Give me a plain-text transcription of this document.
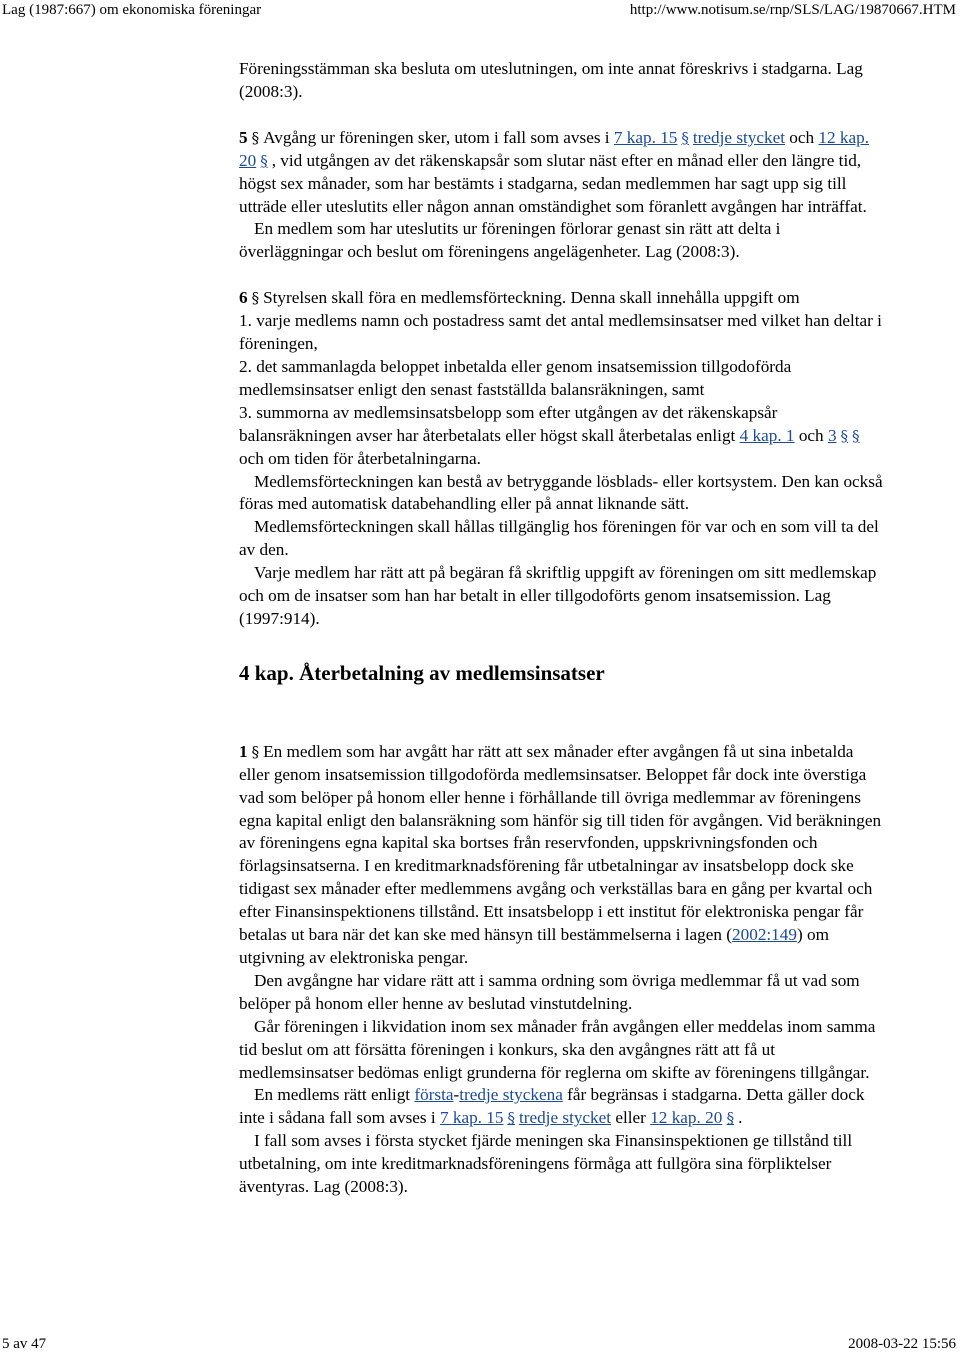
Lag (1987:667) om ekonomiska föreningar	http://www.notisum.se/rnp/SLS/LAG/19870667.HTM

Föreningsstämman ska besluta om uteslutningen, om inte annat föreskrivs i stadgarna. Lag (2008:3).

5 § Avgång ur föreningen sker, utom i fall som avses i 7 kap. 15 § tredje stycket och 12 kap. 20 § , vid utgången av det räkenskapsår som slutar näst efter en månad eller den längre tid, högst sex månader, som har bestämts i stadgarna, sedan medlemmen har sagt upp sig till utträde eller uteslutits eller någon annan omständighet som föranlett avgången har inträffat.

En medlem som har uteslutits ur föreningen förlorar genast sin rätt att delta i överläggningar och beslut om föreningens angelägenheter. Lag (2008:3).

6 § Styrelsen skall föra en medlemsförteckning. Denna skall innehålla uppgift om

1. varje medlems namn och postadress samt det antal medlemsinsatser med vilket han deltar i föreningen,

2. det sammanlagda beloppet inbetalda eller genom insatsemission tillgodoförda medlemsinsatser enligt den senast fastställda balansräkningen, samt

3. summorna av medlemsinsatsbelopp som efter utgången av det räkenskapsår balansräkningen avser har återbetalats eller högst skall återbetalas enligt 4 kap. 1 och 3 § § och om tiden för återbetalningarna.

Medlemsförteckningen kan bestå av betryggande lösblads- eller kortsystem. Den kan också föras med automatisk databehandling eller på annat liknande sätt.

Medlemsförteckningen skall hållas tillgänglig hos föreningen för var och en som vill ta del av den.

Varje medlem har rätt att på begäran få skriftlig uppgift av föreningen om sitt medlemskap och om de insatser som han har betalt in eller tillgodoförts genom insatsemission. Lag (1997:914).

4 kap. Återbetalning av medlemsinsatser

1 § En medlem som har avgått har rätt att sex månader efter avgången få ut sina inbetalda eller genom insatsemission tillgodoförda medlemsinsatser. Beloppet får dock inte överstiga vad som belöper på honom eller henne i förhållande till övriga medlemmar av föreningens egna kapital enligt den balansräkning som hänför sig till tiden för avgången. Vid beräkningen av föreningens egna kapital ska bortses från reservfonden, uppskrivningsfonden och förlagsinsatserna. I en kreditmarknadsförening får utbetalningar av insatsbelopp dock ske tidigast sex månader efter medlemmens avgång och verkställas bara en gång per kvartal och efter Finansinspektionens tillstånd. Ett insatsbelopp i ett institut för elektroniska pengar får betalas ut bara när det kan ske med hänsyn till bestämmelserna i lagen (2002:149) om utgivning av elektroniska pengar.

Den avgångne har vidare rätt att i samma ordning som övriga medlemmar få ut vad som belöper på honom eller henne av beslutad vinstutdelning.

Går föreningen i likvidation inom sex månader från avgången eller meddelas inom samma tid beslut om att försätta föreningen i konkurs, ska den avgångnes rätt att få ut medlemsinsatser bedömas enligt grunderna för reglerna om skifte av föreningens tillgångar.

En medlems rätt enligt första-tredje styckena får begränsas i stadgarna. Detta gäller dock inte i sådana fall som avses i 7 kap. 15 § tredje stycket eller 12 kap. 20 § .

I fall som avses i första stycket fjärde meningen ska Finansinspektionen ge tillstånd till utbetalning, om inte kreditmarknadsföreningens förmåga att fullgöra sina förpliktelser äventyras. Lag (2008:3).

5 av 47	2008-03-22 15:56
